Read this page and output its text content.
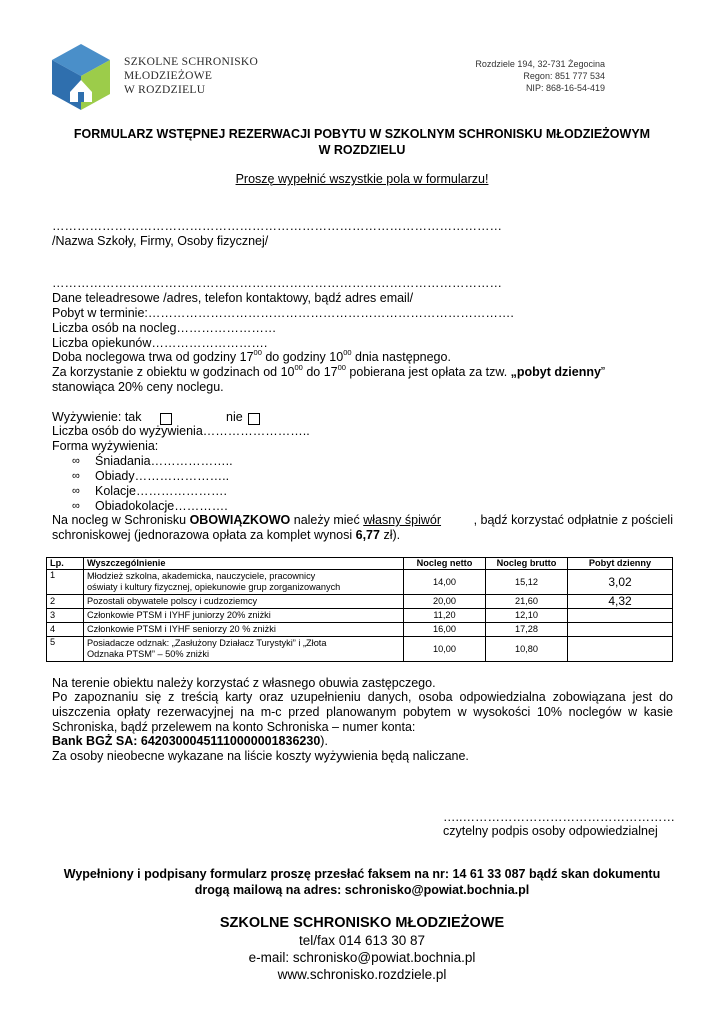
SZKOLNE SCHRONISKO
MŁODZIEŻOWE
W ROZDZIELU
Rozdziele 194, 32-731 Żegocina
Regon: 851 777 534
NIP: 868-16-54-419
FORMULARZ WSTĘPNEJ REZERWACJI POBYTU W SZKOLNYM SCHRONISKU MŁODZIEŻOWYM
W ROZDZIELU
Proszę wypełnić wszystkie pola w formularzu!
………………………………………………………………………………………………
/Nazwa Szkoły, Firmy, Osoby fizycznej/
………………………………………………………………………………………………
Dane teleadresowe /adres, telefon kontaktowy, bądź adres email/
Pobyt w terminie:…………………………………………………………………………….
Liczba osób na nocleg……………………
Liczba opiekunów……………………….
Doba noclegowa trwa od godziny $17^{00}$ do godziny $10^{00}$ dnia następnego.
Za korzystanie z obiektu w godzinach od $10^{00}$ do $17^{00}$ pobierana jest opłata za tzw. „pobyt dzienny”
stanowiąca 20% ceny noclegu.
Wyżywienie: tak	nie
Liczba osób do wyżywienia……………………..
Forma wyżywienia:
∞ Śniadania………………..
∞ Obiady…………………..
∞ Kolacje………………….
∞ Obiadokolacje………….
Na nocleg w Schronisku OBOWIĄZKOWO należy mieć własny śpiwór	, bądź korzystać odpłatnie z pościeli
schroniskowej (jednorazowa opłata za komplet wynosi 6,77 zł).
Lp.	Wyszczególnienie	Nocleg netto	Nocleg brutto	Pobyt dzienny
1	Młodzież szkolna, akademicka, nauczyciele, pracownicy
oświaty i kultury fizycznej, opiekunowie grup zorganizowanych	14,00	15,12	3,02
2	Pozostali obywatele polscy i cudzoziemcy	20,00	21,60	4,32
3	Członkowie PTSM i IYHF juniorzy 20% zniżki	11,20	12,10	
4	Członkowie PTSM i IYHF seniorzy 20 % zniżki	16,00	17,28	
5	Posiadacze odznak: „Zasłużony Działacz Turystyki” i „Złota
Odznaka PTSM” – 50% zniżki	10,00	10,80	
Na terenie obiektu należy korzystać z własnego obuwia zastępczego.
Po zapoznaniu się z treścią karty oraz uzupełnieniu danych, osoba odpowiedzialna zobowiązana jest do
uiszczenia opłaty rezerwacyjnej na m-c przed planowanym pobytem w wysokości 10% noclegów w kasie
Schroniska, bądź przelewem na konto Schroniska – numer konta:
Bank BGŻ SA: 64203000451110000001836230).
Za osoby nieobecne wykazane na liście koszty wyżywienia będą naliczane.
…..……………………………………………
czytelny podpis osoby odpowiedzialnej
Wypełniony i podpisany formularz proszę przesłać faksem na nr: 14 61 33 087 bądź skan dokumentu
drogą mailową na adres: schronisko@powiat.bochnia.pl
SZKOLNE SCHRONISKO MŁODZIEŻOWE
tel/fax 014 613 30 87
e-mail: schronisko@powiat.bochnia.pl
www.schronisko.rozdziele.pl
